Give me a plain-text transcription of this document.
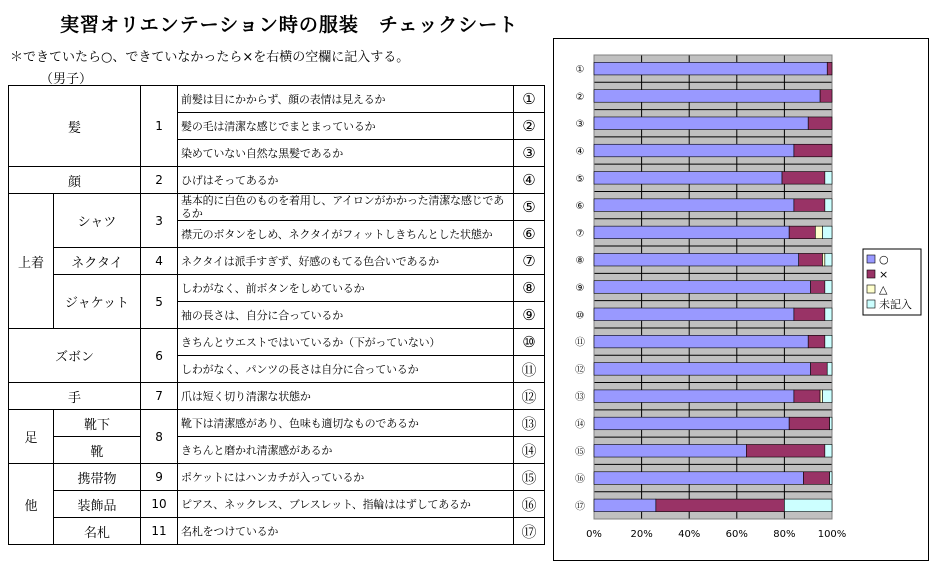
実習オリエンテーション時の服装　チェックシート
＊できていたら○、できていなかったら×を右横の空欄に記入する。
（男子）
髪		1	前髪は目にかからず、顔の表情は見えるか	①
			髪の毛は清潔な感じでまとまっているか	②
			染めていない自然な黒髪であるか	③
顔		2	ひげはそってあるか	④
上着	シャツ	3	基本的に白色のものを着用し、アイロンがかかった清潔な感じであるか	⑤
			襟元のボタンをしめ、ネクタイがフィットしきちんとした状態か	⑥
	ネクタイ	4	ネクタイは派手すぎず、好感のもてる色合いであるか	⑦
	ジャケット	5	しわがなく、前ボタンをしめているか	⑧
			袖の長さは、自分に合っているか	⑨
ズボン		6	きちんとウエストではいているか（下がっていない）	⑩
			しわがなく、パンツの長さは自分に合っているか	⑪
手		7	爪は短く切り清潔な状態か	⑫
足	靴下	8	靴下は清潔感があり、色味も適切なものであるか	⑬
	靴		きちんと磨かれ清潔感があるか	⑭
他	携帯物	9	ポケットにはハンカチが入っているか	⑮
	装飾品	10	ピアス、ネックレス、ブレスレット、指輪ははずしてあるか	⑯
	名札	11	名札をつけているか	⑰
①
②
③
④
⑤
⑥
⑦
⑧
⑨
⑩
⑪
⑫
⑬
⑭
⑮
⑯
⑰
0%	20%	40%	60%	80% 100%
○
×
△
未記入
